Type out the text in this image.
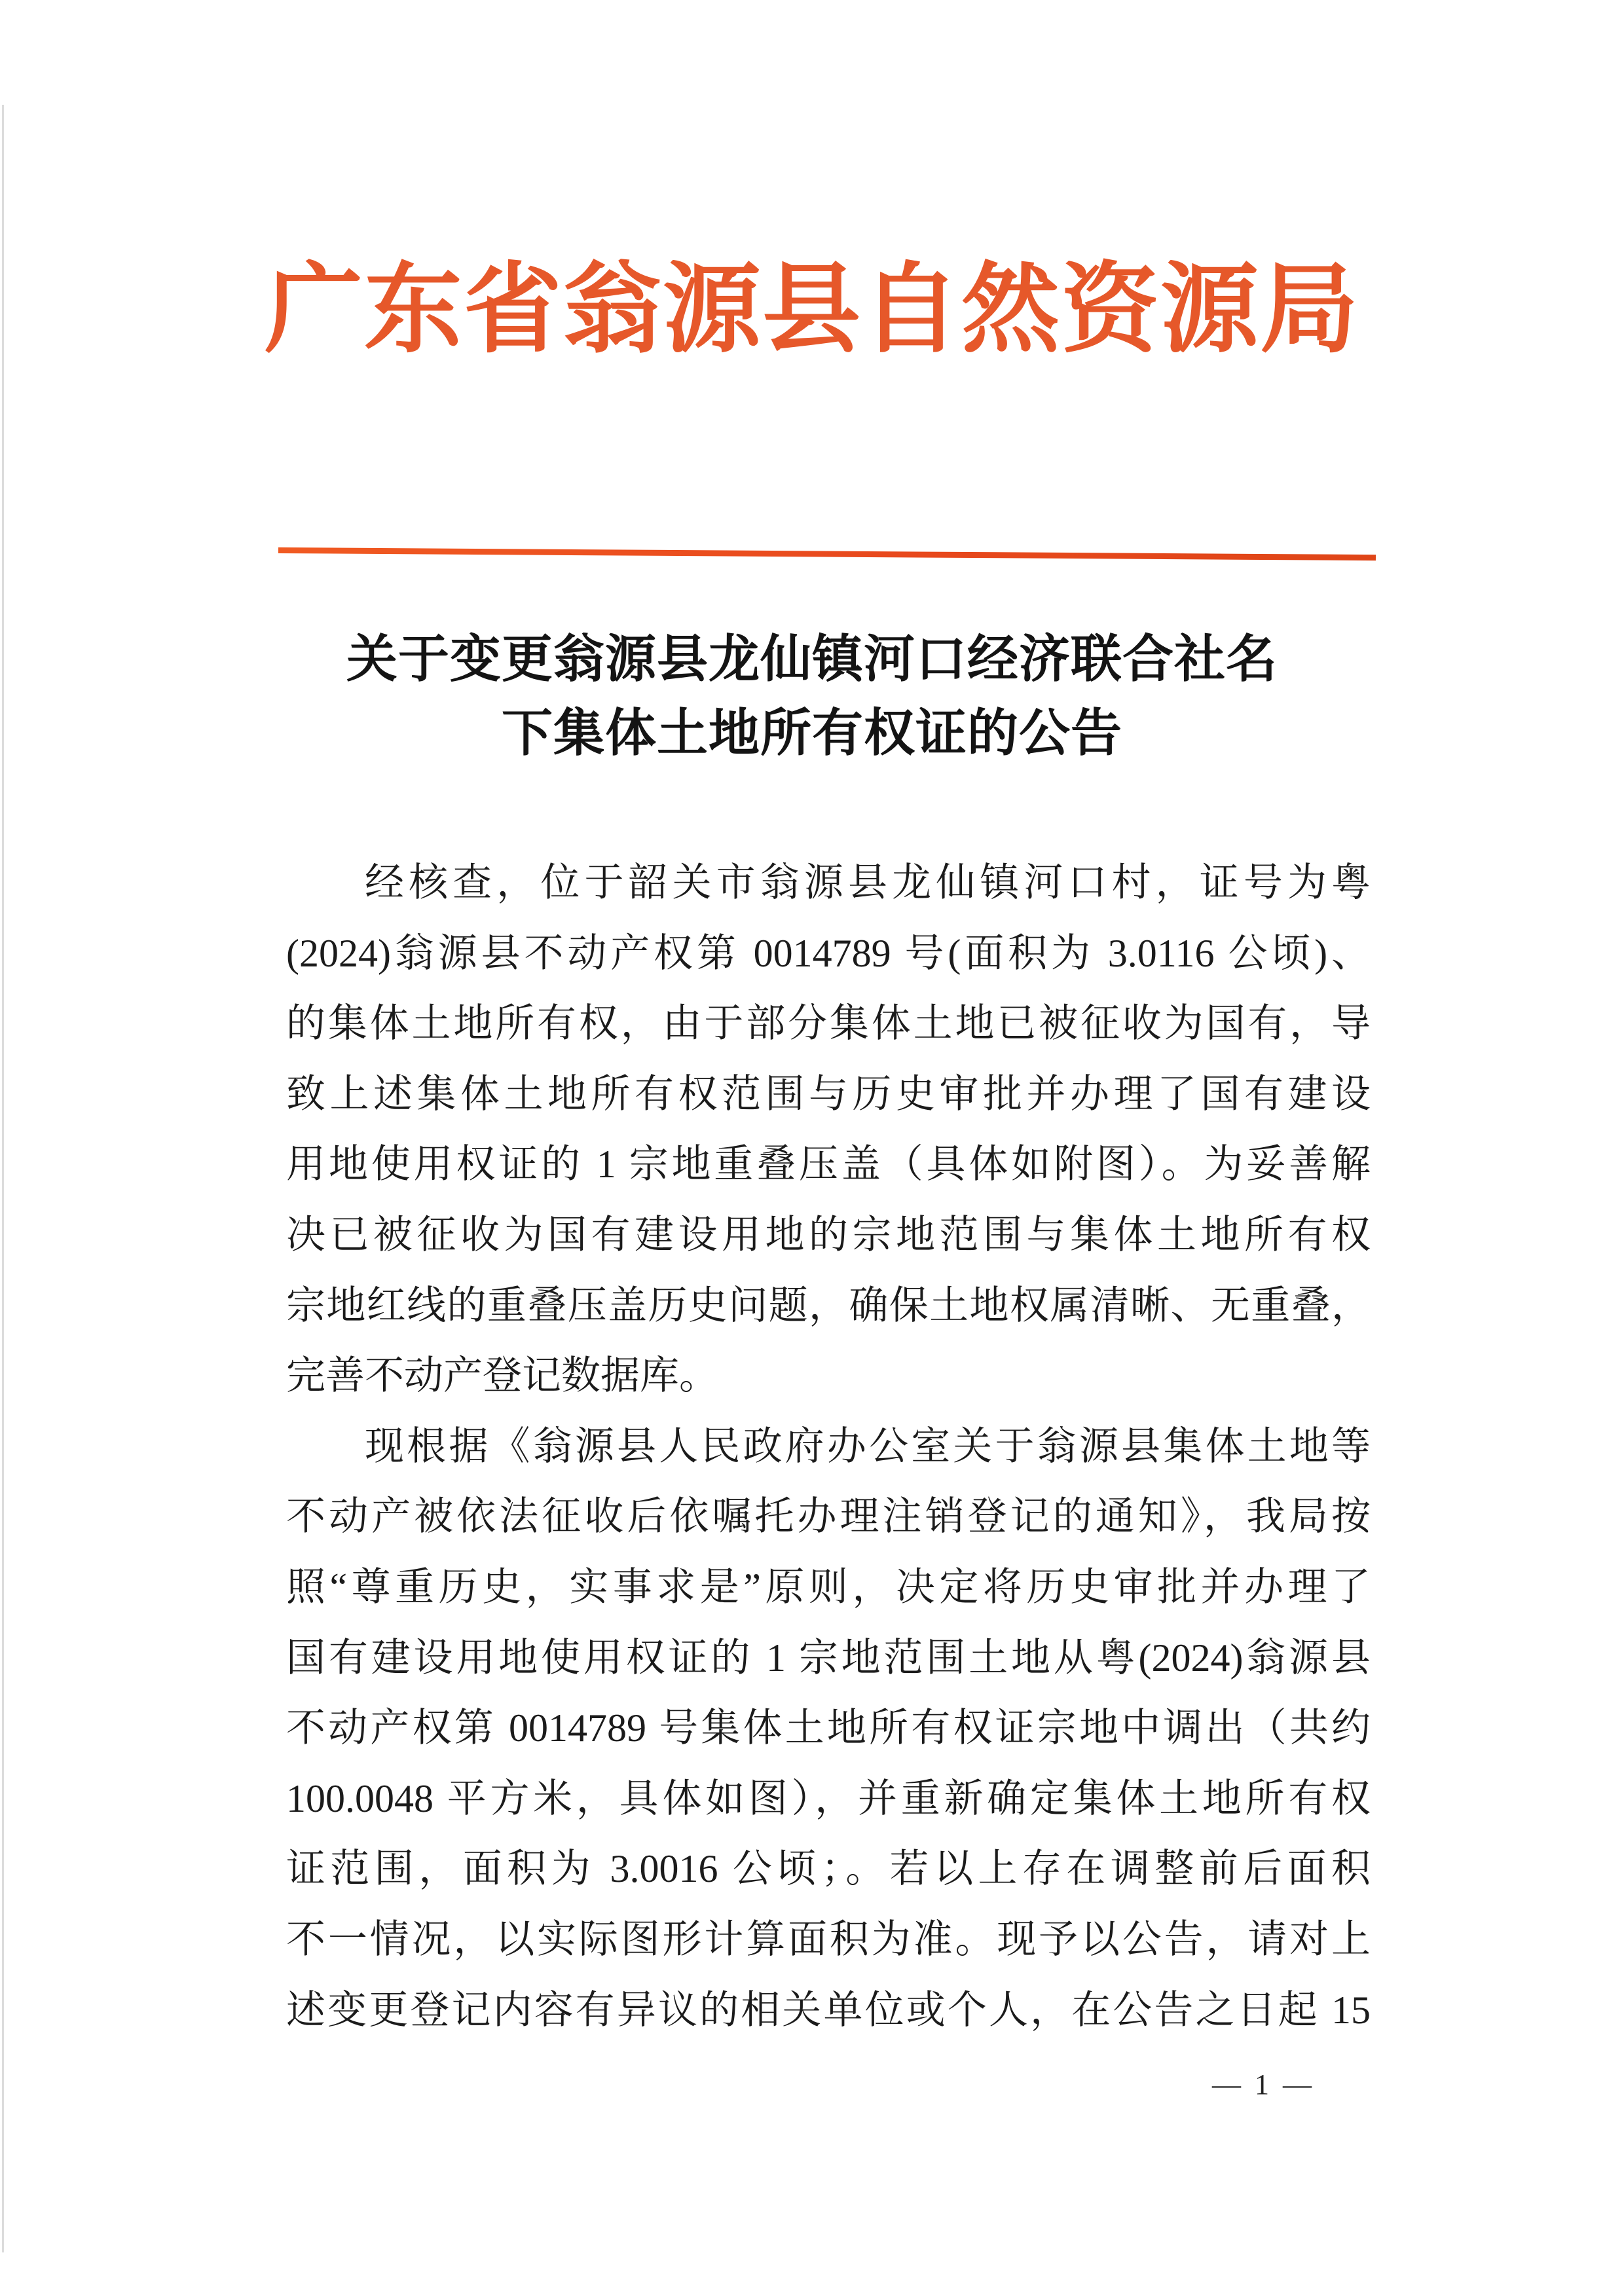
广东省翁源县自然资源局
关于变更翁源县龙仙镇河口经济联合社名
下集体土地所有权证的公告
经核查，位于韶关市翁源县龙仙镇河口村，证号为粤
(2024)翁源县不动产权第 0014789 号(面积为 3.0116 公顷)、
的集体土地所有权，由于部分集体土地已被征收为国有，导
致上述集体土地所有权范围与历史审批并办理了国有建设
用地使用权证的 1 宗地重叠压盖（具体如附图）。为妥善解
决已被征收为国有建设用地的宗地范围与集体土地所有权
宗地红线的重叠压盖历史问题，确保土地权属清晰、无重叠，
完善不动产登记数据库。
现根据《翁源县人民政府办公室关于翁源县集体土地等
不动产被依法征收后依嘱托办理注销登记的通知》，我局按
照“尊重历史，实事求是”原则，决定将历史审批并办理了
国有建设用地使用权证的 1 宗地范围土地从粤(2024)翁源县
不动产权第 0014789 号集体土地所有权证宗地中调出（共约
100.0048 平方米，具体如图），并重新确定集体土地所有权
证范围，面积为 3.0016 公顷；。若以上存在调整前后面积
不一情况，以实际图形计算面积为准。现予以公告，请对上
述变更登记内容有异议的相关单位或个人，在公告之日起 15
— 1 —
